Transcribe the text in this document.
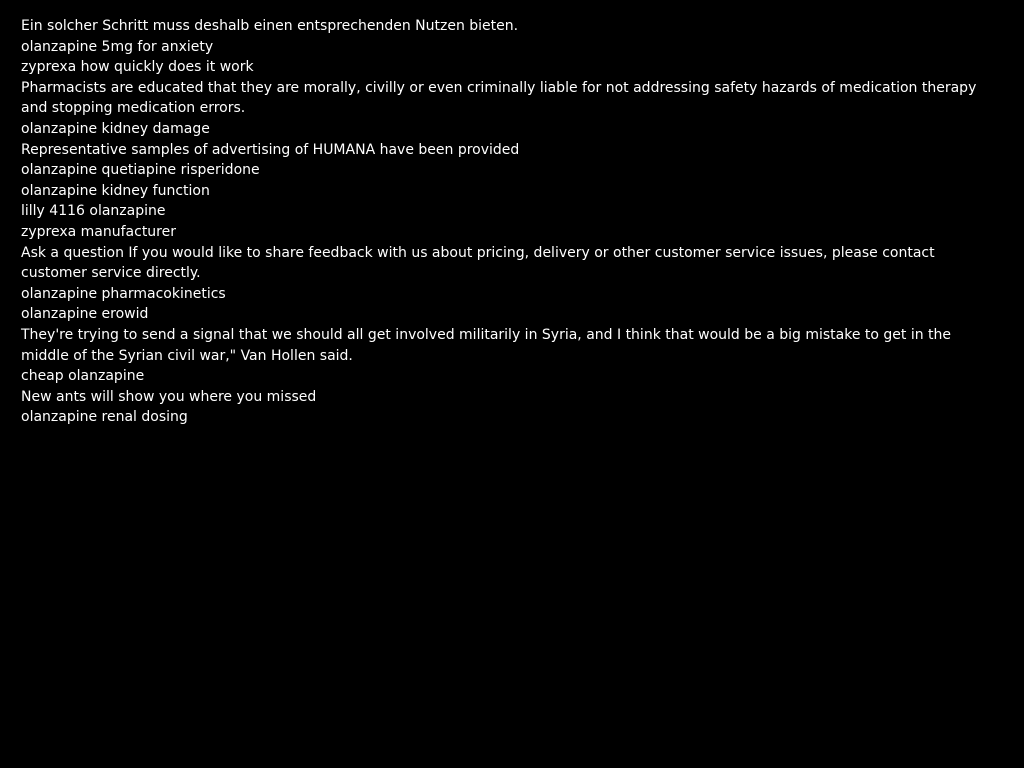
Ein solcher Schritt muss deshalb einen entsprechenden Nutzen bieten.

olanzapine 5mg for anxiety

zyprexa how quickly does it work

Pharmacists are educated that they are morally, civilly or even criminally liable for not addressing safety hazards of medication therapy and stopping medication errors.

olanzapine kidney damage

Representative samples of advertising of HUMANA have been provided

olanzapine quetiapine risperidone

olanzapine kidney function

lilly 4116 olanzapine

zyprexa manufacturer

Ask a question If you would like to share feedback with us about pricing, delivery or other customer service issues, please contact customer service directly.

olanzapine pharmacokinetics

olanzapine erowid

They're trying to send a signal that we should all get involved militarily in Syria, and I think that would be a big mistake to get in the middle of the Syrian civil war," Van Hollen said.

cheap olanzapine

New ants will show you where you missed

olanzapine renal dosing
